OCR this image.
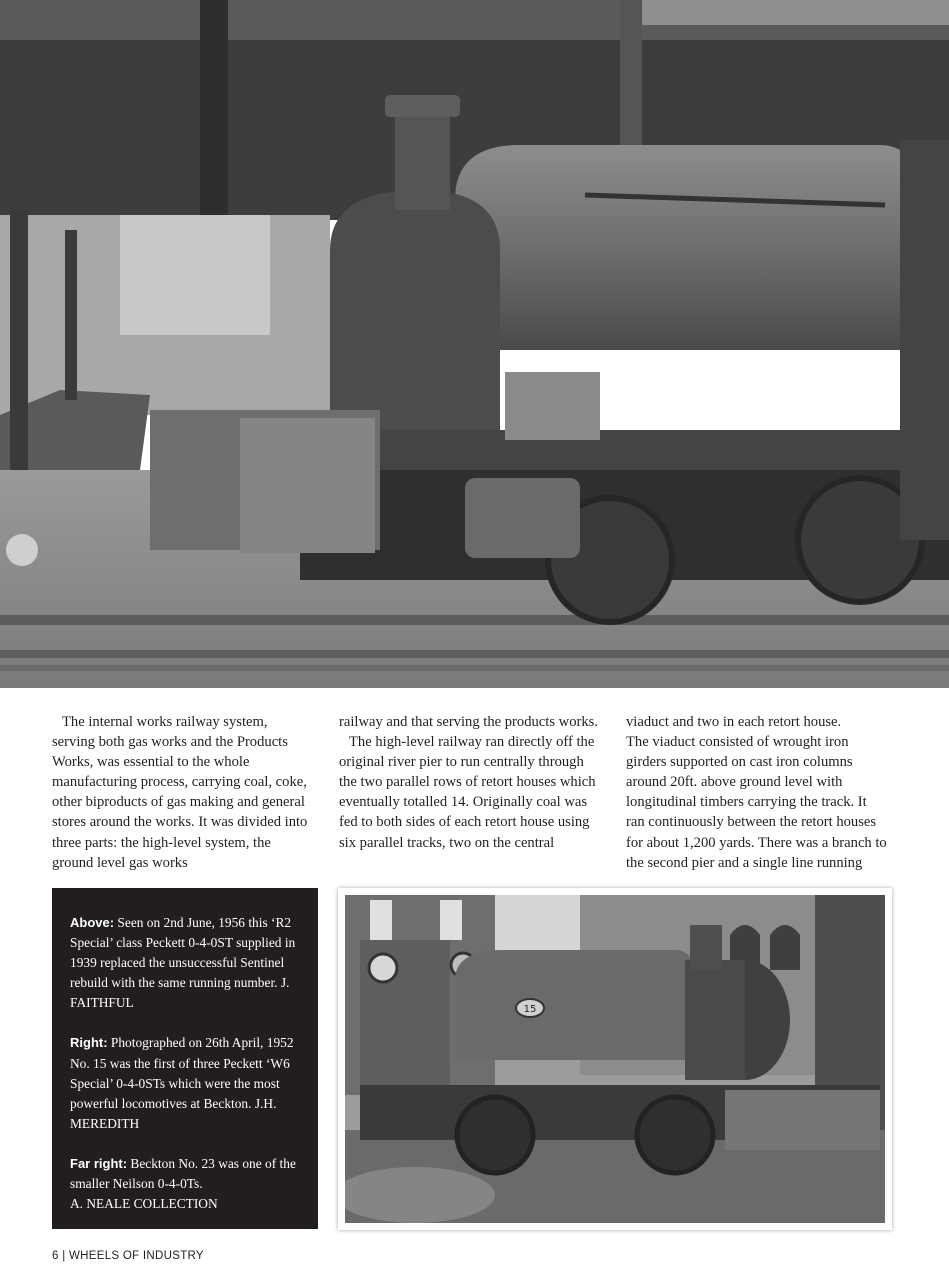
The internal works railway system, serving both gas works and the Products Works, was essential to the whole manufacturing process, carrying coal, coke, other biproducts of gas making and general stores around the works. It was divided into three parts: the high-level system, the ground level gas works

railway and that serving the products works.

The high-level railway ran directly off the original river pier to run centrally through the two parallel rows of retort houses which eventually totalled 14. Originally coal was fed to both sides of each retort house using six parallel tracks, two on the central

viaduct and two in each retort house.

The viaduct consisted of wrought iron girders supported on cast iron columns around 20ft. above ground level with longitudinal timbers carrying the track. It ran continuously between the retort houses for about 1,200 yards. There was a branch to the second pier and a single line running

Above: Seen on 2nd June, 1956 this ‘R2 Special’ class Peckett 0-4-0ST supplied in 1939 replaced the unsuccessful Sentinel rebuild with the same running number. J. FAITHFUL

Right: Photographed on 26th April, 1952 No. 15 was the first of three Peckett ‘W6 Special’ 0-4-0STs which were the most powerful locomotives at Beckton. J.H. MEREDITH

Far right: Beckton No. 23 was one of the smaller Neilson 0-4-0Ts.
A. NEALE COLLECTION

15
6 | WHEELS OF INDUSTRY
